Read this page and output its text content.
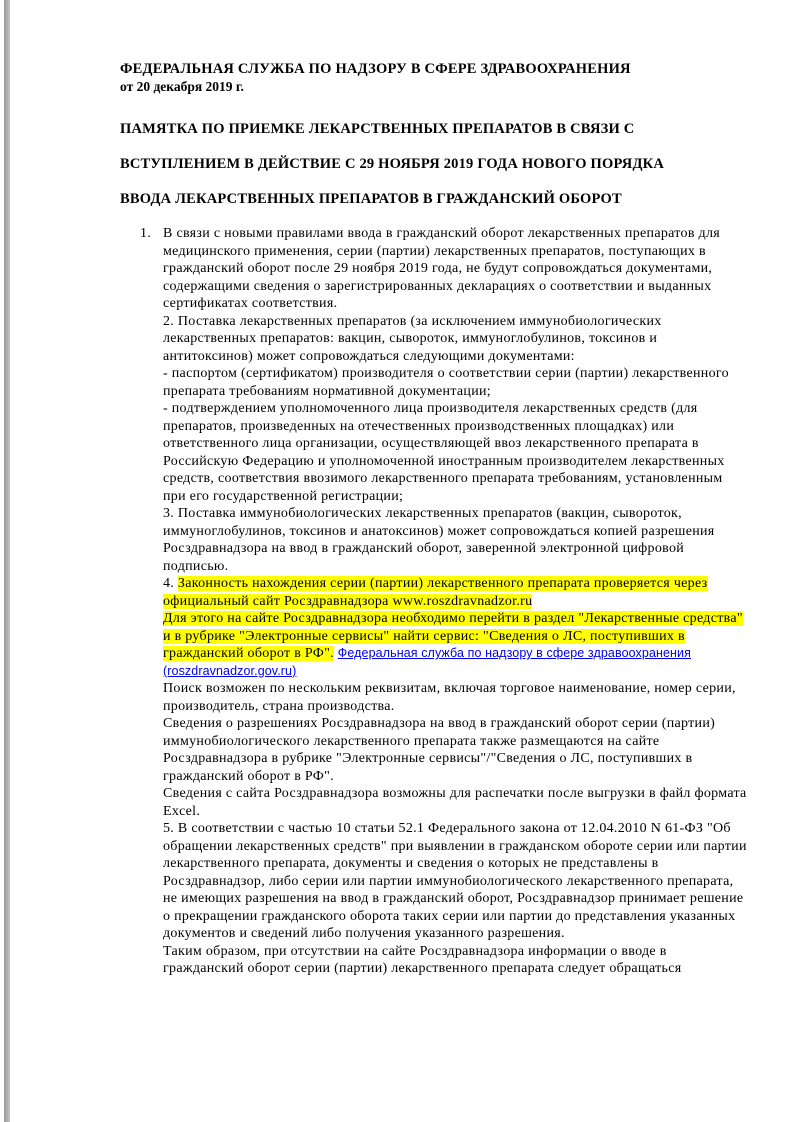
ФЕДЕРАЛЬНАЯ СЛУЖБА ПО НАДЗОРУ В СФЕРЕ ЗДРАВООХРАНЕНИЯ
от 20 декабря 2019 г.
ПАМЯТКА ПО ПРИЕМКЕ ЛЕКАРСТВЕННЫХ ПРЕПАРАТОВ В СВЯЗИ С
ВСТУПЛЕНИЕМ В ДЕЙСТВИЕ С 29 НОЯБРЯ 2019 ГОДА НОВОГО ПОРЯДКА
ВВОДА ЛЕКАРСТВЕННЫХ ПРЕПАРАТОВ В ГРАЖДАНСКИЙ ОБОРОТ
1. В связи с новыми правилами ввода в гражданский оборот лекарственных препаратов для медицинского применения, серии (партии) лекарственных препаратов, поступающих в гражданский оборот после 29 ноября 2019 года, не будут сопровождаться документами, содержащими сведения о зарегистрированных декларациях о соответствии и выданных сертификатах соответствия.
2. Поставка лекарственных препаратов (за исключением иммунобиологических лекарственных препаратов: вакцин, сывороток, иммуноглобулинов, токсинов и антитоксинов) может сопровождаться следующими документами:
- паспортом (сертификатом) производителя о соответствии серии (партии) лекарственного препарата требованиям нормативной документации;
- подтверждением уполномоченного лица производителя лекарственных средств (для препаратов, произведенных на отечественных производственных площадках) или ответственного лица организации, осуществляющей ввоз лекарственного препарата в Российскую Федерацию и уполномоченной иностранным производителем лекарственных средств, соответствия ввозимого лекарственного препарата требованиям, установленным при его государственной регистрации;
3. Поставка иммунобиологических лекарственных препаратов (вакцин, сывороток, иммуноглобулинов, токсинов и анатоксинов) может сопровождаться копией разрешения Росздравнадзора на ввод в гражданский оборот, заверенной электронной цифровой подписью.
4. Законность нахождения серии (партии) лекарственного препарата проверяется через официальный сайт Росздравнадзора www.roszdravnadzor.ru
Для этого на сайте Росздравнадзора необходимо перейти в раздел "Лекарственные средства" и в рубрике "Электронные сервисы" найти сервис: "Сведения о ЛС, поступивших в гражданский оборот в РФ". Федеральная служба по надзору в сфере здравоохранения (roszdravnadzor.gov.ru)
Поиск возможен по нескольким реквизитам, включая торговое наименование, номер серии, производитель, страна производства.
Сведения о разрешениях Росздравнадзора на ввод в гражданский оборот серии (партии) иммунобиологического лекарственного препарата также размещаются на сайте Росздравнадзора в рубрике "Электронные сервисы"/"Сведения о ЛС, поступивших в гражданский оборот в РФ".
Сведения с сайта Росздравнадзора возможны для распечатки после выгрузки в файл формата Excel.
5. В соответствии с частью 10 статьи 52.1 Федерального закона от 12.04.2010 N 61-ФЗ "Об обращении лекарственных средств" при выявлении в гражданском обороте серии или партии лекарственного препарата, документы и сведения о которых не представлены в Росздравнадзор, либо серии или партии иммунобиологического лекарственного препарата, не имеющих разрешения на ввод в гражданский оборот, Росздравнадзор принимает решение о прекращении гражданского оборота таких серии или партии до представления указанных документов и сведений либо получения указанного разрешения.
Таким образом, при отсутствии на сайте Росздравнадзора информации о вводе в гражданский оборот серии (партии) лекарственного препарата следует обращаться
